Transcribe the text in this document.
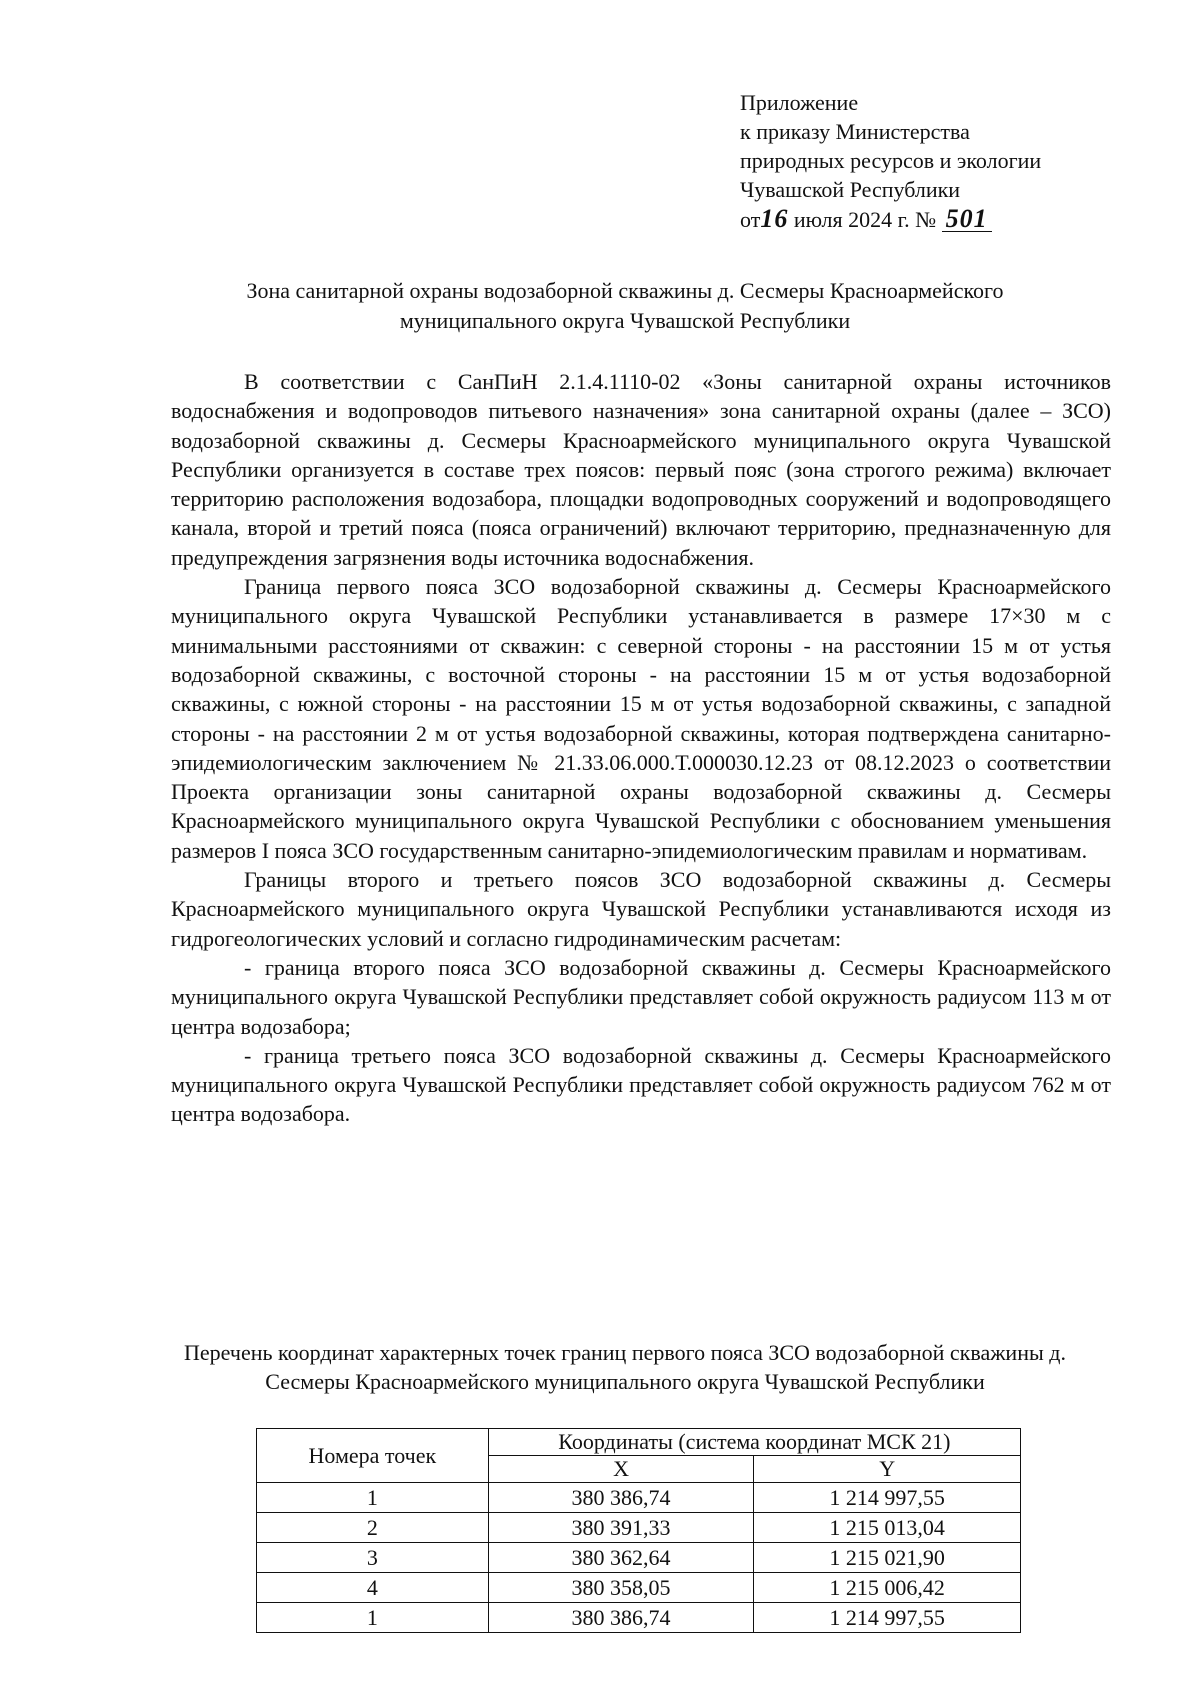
Приложение
к приказу Министерства
природных ресурсов и экологии
Чувашской Республики
от16 июля 2024 г. № 501
Зона санитарной охраны водозаборной скважины д. Сесмеры Красноармейского муниципального округа Чувашской Республики

В соответствии с СанПиН 2.1.4.1110-02 «Зоны санитарной охраны источников водоснабжения и водопроводов питьевого назначения» зона санитарной охраны (далее – ЗСО) водозаборной скважины д. Сесмеры Красноармейского муниципального округа Чувашской Республики организуется в составе трех поясов: первый пояс (зона строгого режима) включает территорию расположения водозабора, площадки водопроводных сооружений и водопроводящего канала, второй и третий пояса (пояса ограничений) включают территорию, предназначенную для предупреждения загрязнения воды источника водоснабжения.

Граница первого пояса ЗСО водозаборной скважины д. Сесмеры Красноармейского муниципального округа Чувашской Республики устанавливается в размере 17×30 м с минимальными расстояниями от скважин: с северной стороны - на расстоянии 15 м от устья водозаборной скважины, с восточной стороны - на расстоянии 15 м от устья водозаборной скважины, с южной стороны - на расстоянии 15 м от устья водозаборной скважины, с западной стороны - на расстоянии 2 м от устья водозаборной скважины, которая подтверждена санитарно-эпидемиологическим заключением № 21.33.06.000.Т.000030.12.23 от 08.12.2023 о соответствии Проекта организации зоны санитарной охраны водозаборной скважины д. Сесмеры Красноармейского муниципального округа Чувашской Республики с обоснованием уменьшения размеров I пояса ЗСО государственным санитарно-эпидемиологическим правилам и нормативам.

Границы второго и третьего поясов ЗСО водозаборной скважины д. Сесмеры Красноармейского муниципального округа Чувашской Республики устанавливаются исходя из гидрогеологических условий и согласно гидродинамическим расчетам:

- граница второго пояса ЗСО водозаборной скважины д. Сесмеры Красноармейского муниципального округа Чувашской Республики представляет собой окружность радиусом 113 м от центра водозабора;

- граница третьего пояса ЗСО водозаборной скважины д. Сесмеры Красноармейского муниципального округа Чувашской Республики представляет собой окружность радиусом 762 м от центра водозабора.

Перечень координат характерных точек границ первого пояса ЗСО водозаборной скважины д. Сесмеры Красноармейского муниципального округа Чувашской Республики
Номера точек	Координаты (система координат МСК 21)	
	X	Y
1	380 386,74	1 214 997,55
2	380 391,33	1 215 013,04
3	380 362,64	1 215 021,90
4	380 358,05	1 215 006,42
1	380 386,74	1 214 997,55
